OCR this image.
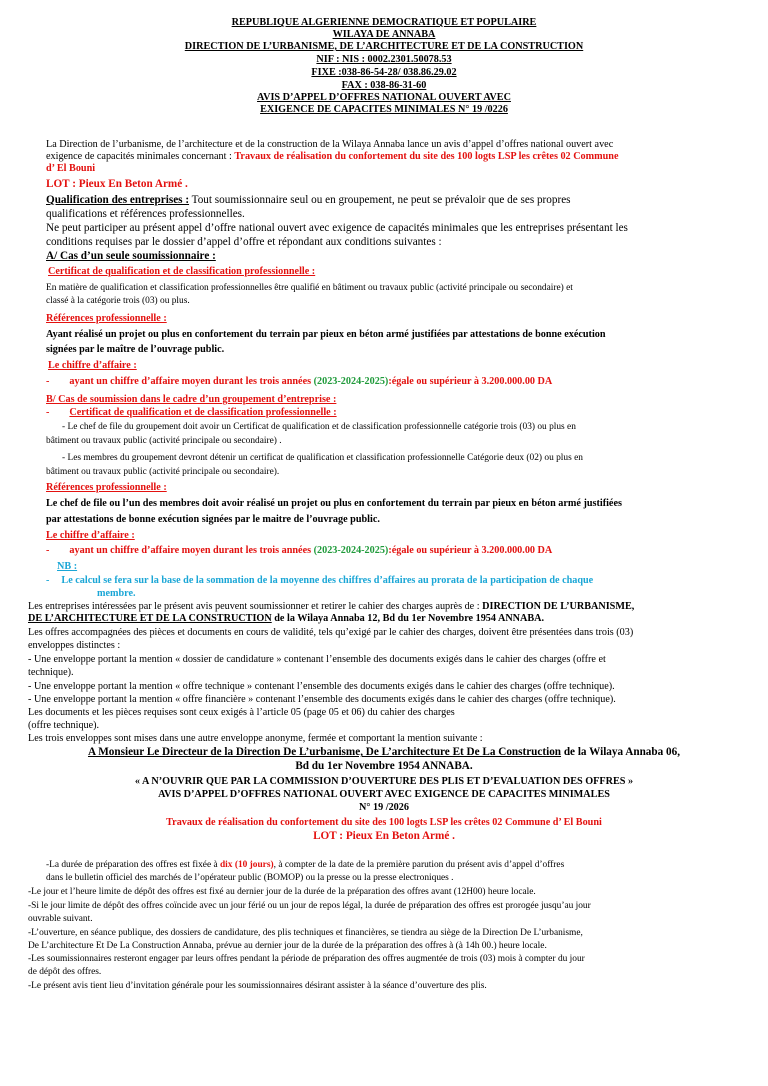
REPUBLIQUE ALGERIENNE DEMOCRATIQUE ET POPULAIRE
WILAYA DE ANNABA
DIRECTION DE L’URBANISME, DE L’ARCHITECTURE ET DE LA CONSTRUCTION
NIF : NIS : 0002.2301.50078.53
FIXE :038-86-54-28/ 038.86.29.02
FAX : 038-86-31-60
AVIS D’APPEL D’OFFRES NATIONAL OUVERT AVEC
EXIGENCE DE CAPACITES MINIMALES N° 19 /0226
La Direction de l’urbanisme, de l’architecture et de la construction de la Wilaya Annaba lance un avis d’appel d’offres national ouvert avec
exigence de capacités minimales concernant : Travaux de réalisation du confortement du site des 100 logts LSP les crêtes 02 Commune
d’ El Bouni
LOT : Pieux En Beton Armé .
Qualification des entreprises : Tout soumissionnaire seul ou en groupement, ne peut se prévaloir que de ses propres
qualifications et références professionnelles.
Ne peut participer au présent appel d’offre national ouvert avec exigence de capacités minimales que les entreprises présentant les
conditions requises par le dossier d’appel d’offre et répondant aux conditions suivantes :
A/ Cas d’un seule soumissionnaire :
Certificat de qualification et de classification professionnelle :
En matière de qualification et classification professionnelles être qualifié en bâtiment ou travaux public (activité principale ou secondaire) et
classé à la catégorie trois (03) ou plus.
Références professionnelle :
Ayant réalisé un projet ou plus en confortement du terrain par pieux en béton armé justifiées par attestations de bonne exécution
signées par le maître de l’ouvrage public.
Le chiffre d’affaire :
- ayant un chiffre d’affaire moyen durant les trois années (2023-2024-2025):égale ou supérieur à 3.200.000.00 DA
B/ Cas de soumission dans le cadre d’un groupement d’entreprise :
- Certificat de qualification et de classification professionnelle :
- Le chef de file du groupement doit avoir un Certificat de qualification et de classification professionnelle catégorie trois (03) ou plus en
bâtiment ou travaux public (activité principale ou secondaire) .
- Les membres du groupement devront détenir un certificat de qualification et classification professionnelle Catégorie deux (02) ou plus en
bâtiment ou travaux public (activité principale ou secondaire).
Références professionnelle :
Le chef de file ou l’un des membres doit avoir réalisé un projet ou plus en confortement du terrain par pieux en béton armé justifiées
par attestations de bonne exécution signées par le maitre de l’ouvrage public.
Le chiffre d’affaire :
- ayant un chiffre d’affaire moyen durant les trois années (2023-2024-2025):égale ou supérieur à 3.200.000.00 DA
NB :
- Le calcul se fera sur la base de la sommation de la moyenne des chiffres d’affaires au prorata de la participation de chaque
membre.
Les entreprises intéressées par le présent avis peuvent soumissionner et retirer le cahier des charges auprès de : DIRECTION DE L’URBANISME,
DE L’ARCHITECTURE ET DE LA CONSTRUCTION de la Wilaya Annaba 12, Bd du 1er Novembre 1954 ANNABA.
Les offres accompagnées des pièces et documents en cours de validité, tels qu’exigé par le cahier des charges, doivent être présentées dans trois (03)
enveloppes distinctes :
- Une enveloppe portant la mention « dossier de candidature » contenant l’ensemble des documents exigés dans le cahier des charges (offre et
technique).
- Une enveloppe portant la mention « offre technique » contenant l’ensemble des documents exigés dans le cahier des charges (offre technique).
- Une enveloppe portant la mention « offre financière » contenant l’ensemble des documents exigés dans le cahier des charges (offre technique).
Les documents et les pièces requises sont ceux exigés à l’article 05 (page 05 et 06) du cahier des charges
(offre technique).
Les trois enveloppes sont mises dans une autre enveloppe anonyme, fermée et comportant la mention suivante :
A Monsieur Le Directeur de la Direction De L’urbanisme, De L’architecture Et De La Construction de la Wilaya Annaba 06,
Bd du 1er Novembre 1954 ANNABA.
« A N’OUVRIR QUE PAR LA COMMISSION D’OUVERTURE DES PLIS ET D’EVALUATION DES OFFRES »
AVIS D’APPEL D’OFFRES NATIONAL OUVERT AVEC EXIGENCE DE CAPACITES MINIMALES
N° 19 /2026
Travaux de réalisation du confortement du site des 100 logts LSP les crêtes 02 Commune d’ El Bouni
LOT : Pieux En Beton Armé .
-La durée de préparation des offres est fixée à dix (10 jours), à compter de la date de la première parution du présent avis d’appel d’offres
dans le bulletin officiel des marchés de l’opérateur public (BOMOP) ou la presse ou la presse electroniques .
-Le jour et l’heure limite de dépôt des offres est fixé au dernier jour de la durée de la préparation des offres avant (12H00) heure locale.
-Si le jour limite de dépôt des offres coïncide avec un jour férié ou un jour de repos légal, la durée de préparation des offres est prorogée jusqu’au jour
ouvrable suivant.
-L’ouverture, en séance publique, des dossiers de candidature, des plis techniques et financières, se tiendra au siège de la Direction De L’urbanisme,
De L’architecture Et De La Construction Annaba, prévue au dernier jour de la durée de la préparation des offres à (à 14h 00.) heure locale.
-Les soumissionnaires resteront engager par leurs offres pendant la période de préparation des offres augmentée de trois (03) mois à compter du jour
de dépôt des offres.
-Le présent avis tient lieu d’invitation générale pour les soumissionnaires désirant assister à la séance d’ouverture des plis.
